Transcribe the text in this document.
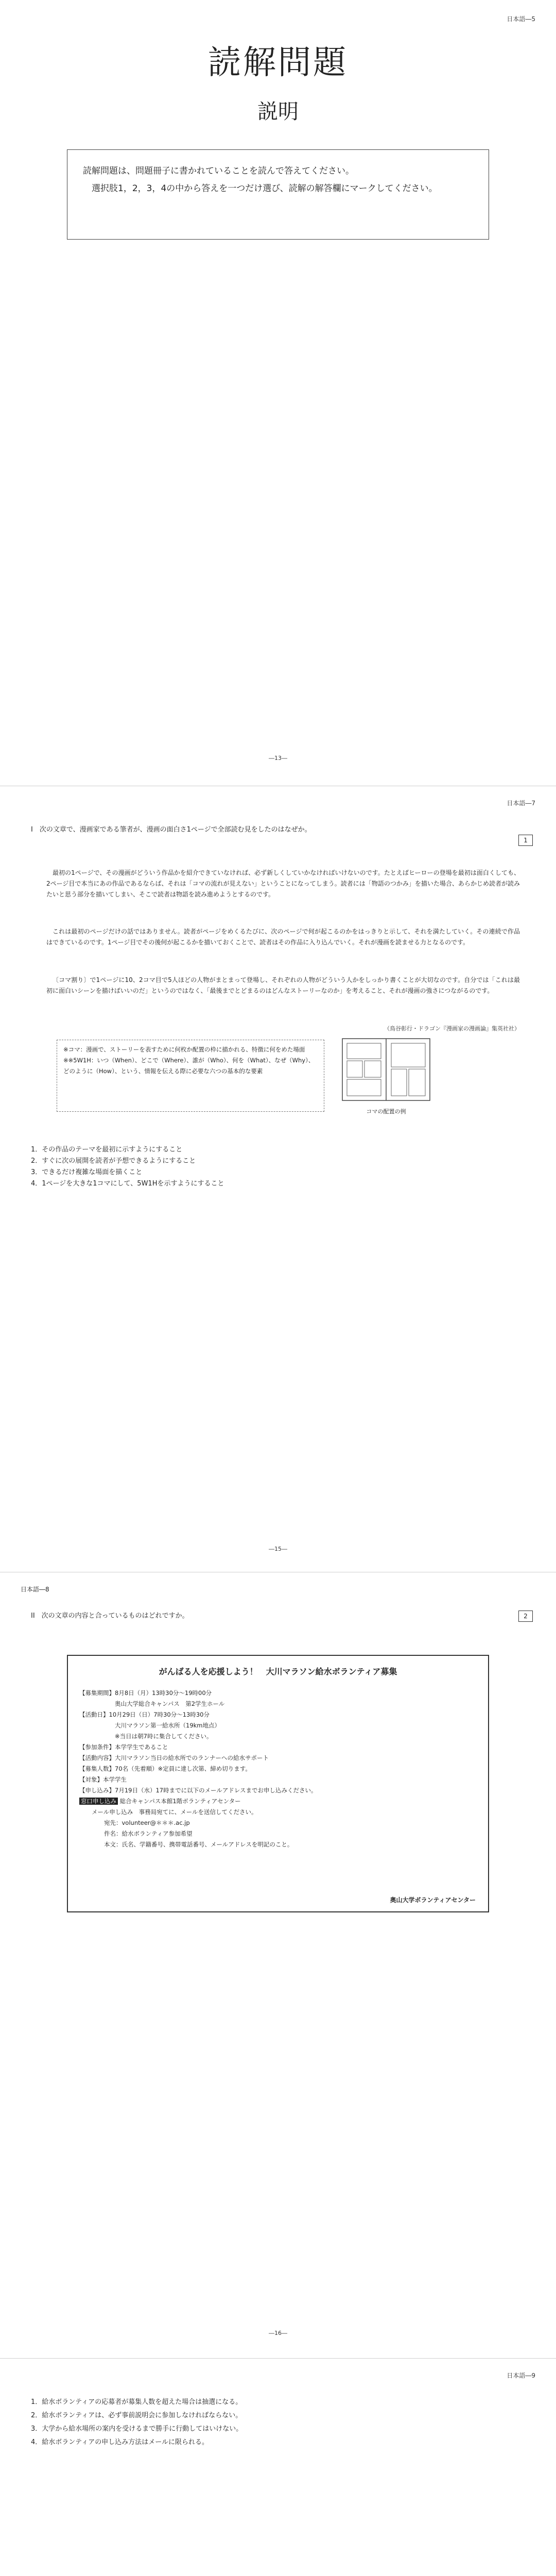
日本語―5
読解問題
説明
読解問題は、問題冊子に書かれていることを読んで答えてください。
選択肢1，2，3，4の中から答えを一つだけ選び、読解の解答欄にマークしてください。
―13―
日本語―7
I　次の文章で、漫画家である筆者が、漫画の面白さ1ページで全部読む見をしたのはなぜか。
1
最初の1ページで、その漫画がどういう作品かを紹介できていなければ、必ず新しくしていかなければいけないのです。たとえばヒーローの登場を最初は面白くしても、2ページ目で本当にあの作品であるならば、それは「コマの流れが見えない」ということになってしまう。読者には「物語のつかみ」を描いた場合、あらかじめ読者が読みたいと思う部分を描いてしまい、そこで読者は物語を読み進めようとするのです。
これは最初のページだけの話ではありません。読者がページをめくるたびに、次のページで何が起こるのかをはっきりと示して、それを満たしていく。その連続で作品はできているのです。1ページ目でその後何が起こるかを描いておくことで、読者はその作品に入り込んでいく。それが漫画を読ませる力となるのです。
〔コマ割り〕で1ページに10、2コマ目で5人ほどの人物がまとまって登場し、それぞれの人物がどういう人かをしっかり書くことが大切なのです。自分では「これは最初に面白いシーンを描けばいいのだ」というのではなく、「最後までとどまるのはどんなストーリーなのか」を考えること、それが漫画の強さにつながるのです。
（鳥谷彰行・ドラゴン『漫画家の漫画論』集英社社）
※コマ：漫画で、ストーリーを表すために何枚か配置の枠に描かれる、特徴に何をめた場面
※※5W1H：いつ（When）、どこで（Where）、誰が（Who）、何を（What）、なぜ（Why）、どのように（How）、という、情報を伝える際に必要な六つの基本的な要素
コマの配置の例
1．その作品のテーマを最初に示すようにすること
2．すぐに次の展開を読者が予想できるようにすること
3．できるだけ複雑な場面を描くこと
4．1ページを大きな1コマにして、5W1Hを示すようにすること
―15―
日本語―8
II　次の文章の内容と合っているものはどれですか。	2
がんばる人を応援しよう！　大川マラソン給水ボランティア募集
【募集期間】8月8日（月）13時30分〜19時00分
　　　　　　奥山大学総合キャンパス　第2学生ホール
【活動日】10月29日（日）7時30分〜13時30分
　　　　　　大川マラソン第一給水所（19km地点）
　　　　　　※当日は朝7時に集合してください。
【参加条件】本学学生であること
【活動内容】大川マラソン当日の給水所でのランナーへの給水サポート
【募集人数】70名（先着順）※定員に達し次第、締め切ります。
【対象】本学学生
【申し込み】7月19日（水）17時までに以下のメールアドレスまでお申し込みください。
窓口申し込み 総合キャンパス本館1階ボランティアセンター
メール申し込み　事務局宛てに、メールを送信してください。
宛先：volunteer@＊＊＊.ac.jp
件名：給水ボランティア参加希望
本文：氏名、学籍番号、携帯電話番号、メールアドレスを明記のこと。
奥山大学ボランティアセンター
―16―
日本語―9
1．給水ボランティアの応募者が募集人数を超えた場合は抽選になる。
2．給水ボランティアは、必ず事前説明会に参加しなければならない。
3．大学から給水場所の案内を受けるまで勝手に行動してはいけない。
4．給水ボランティアの申し込み方法はメールに限られる。
